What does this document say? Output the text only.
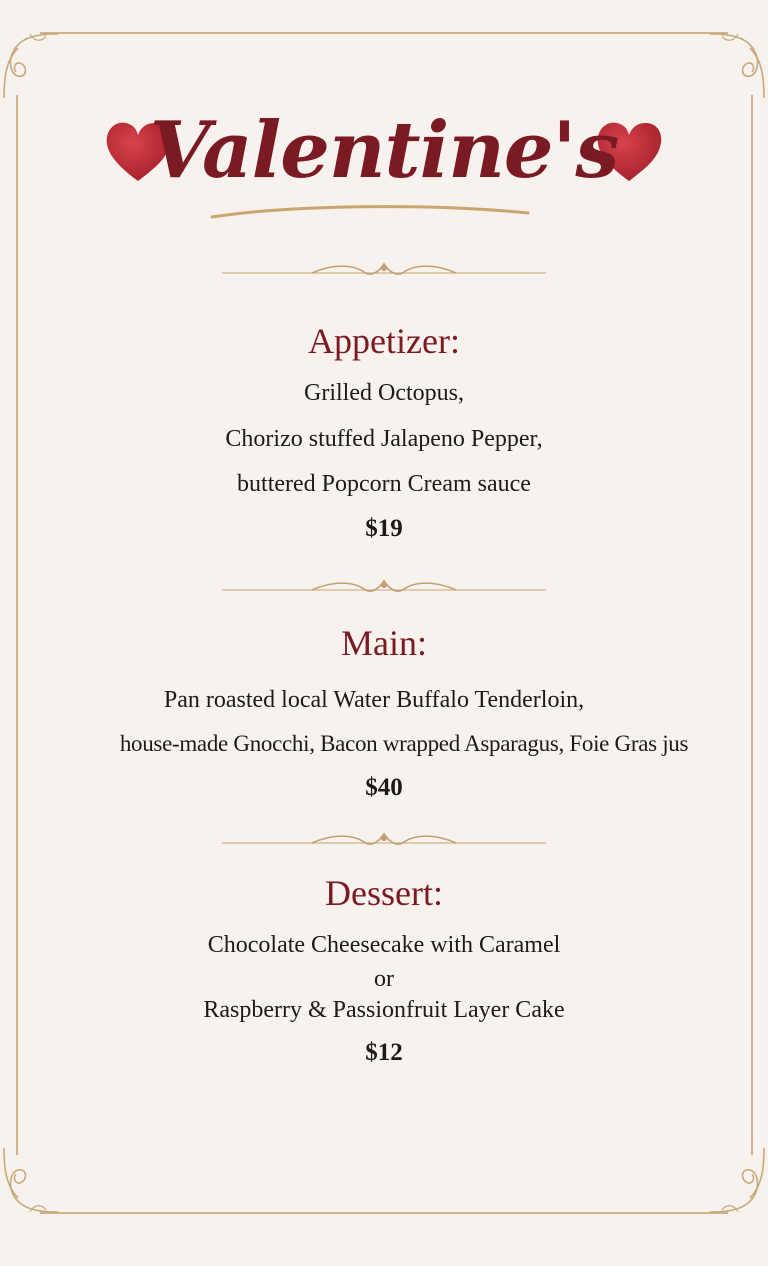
Valentine's
Appetizer:
Grilled Octopus,
Chorizo stuffed Jalapeno Pepper,
buttered Popcorn Cream sauce
$19
Main:
Pan roasted local Water Buffalo Tenderloin,
house-made Gnocchi, Bacon wrapped Asparagus, Foie Gras jus
$40
Dessert:
Chocolate Cheesecake with Caramel
or
Raspberry & Passionfruit Layer Cake
$12
